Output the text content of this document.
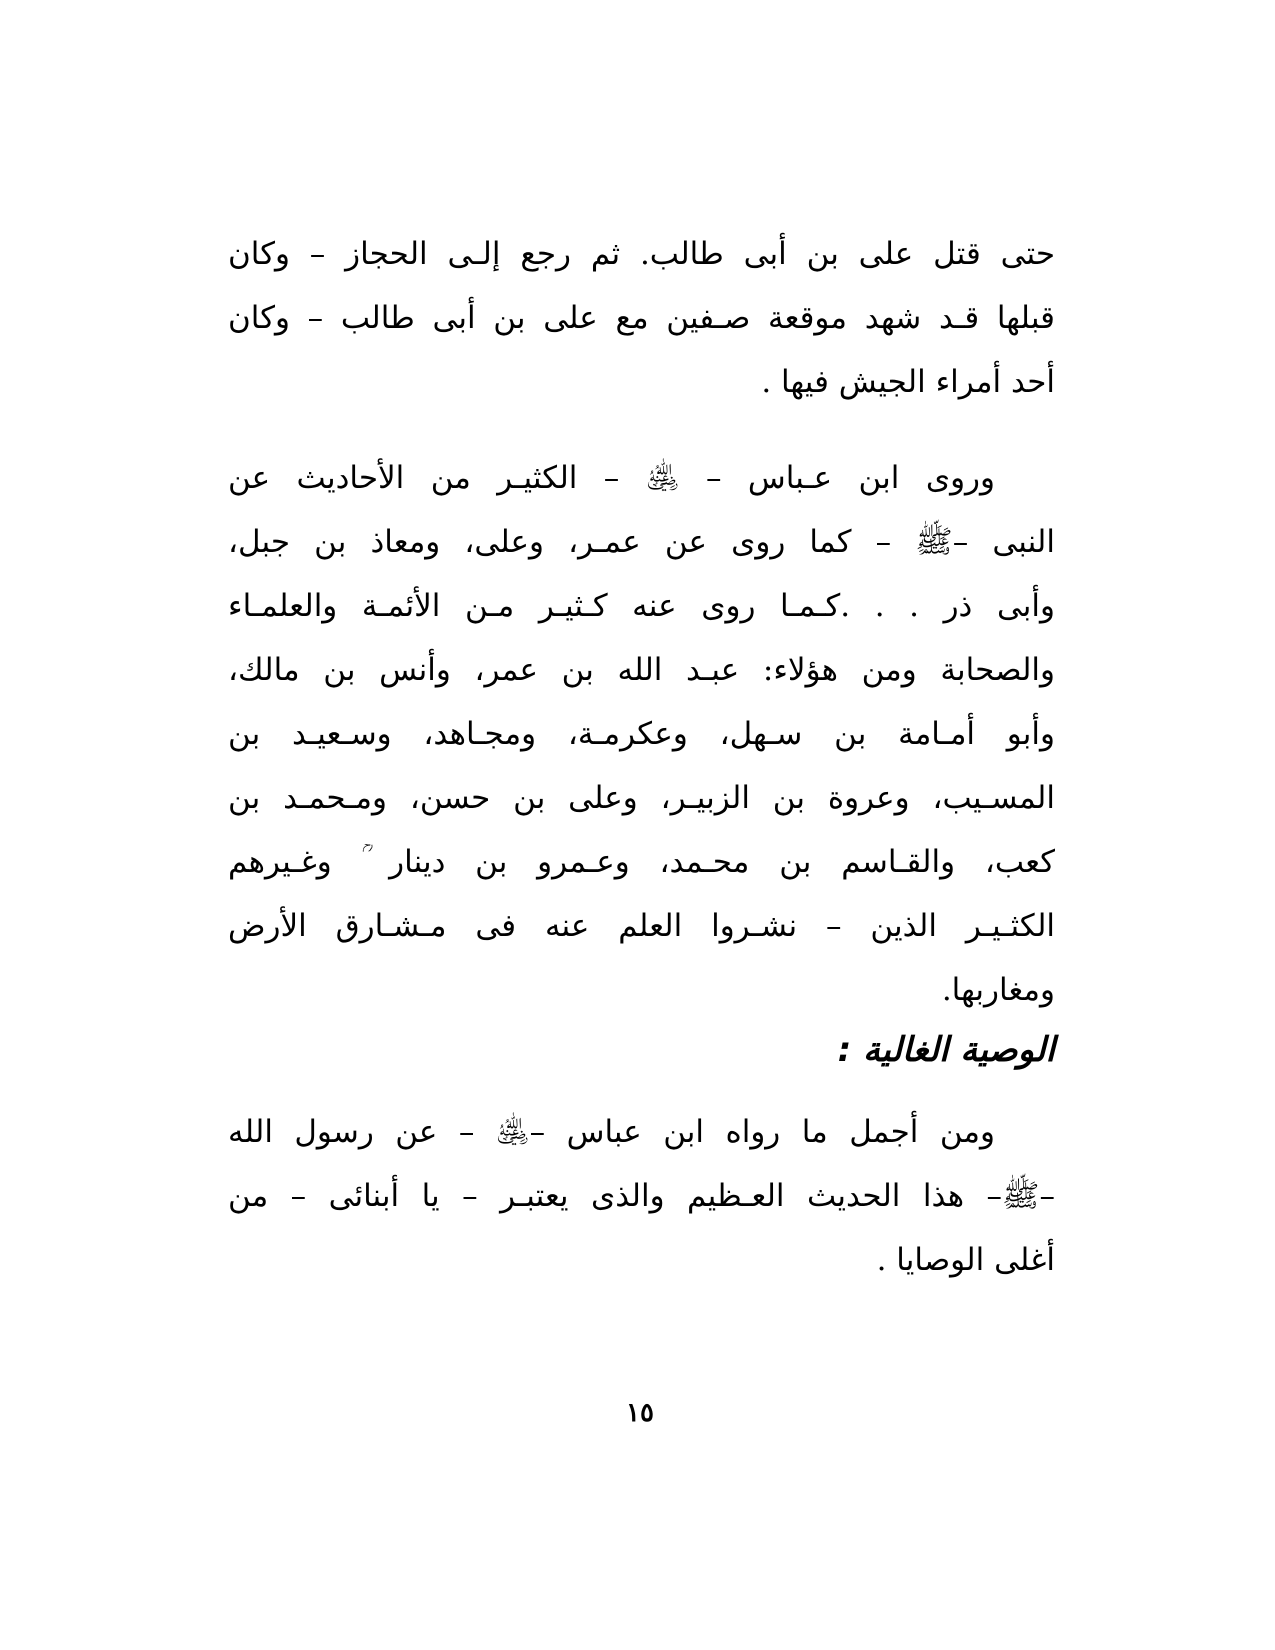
حتى قتل على بن أبى طالب. ثم رجع إلـى الحجاز – وكان
قبلها قـد شهد موقعة صـفين مع على بن أبى طالب – وكان
أحد أمراء الجيش فيها .
وروى ابن عـباس – ﵁ – الكثيـر من الأحاديث عن
النبى –ﷺ – كما روى عن عمـر، وعلى، ومعاذ بن جبل،
وأبى ذر . . .كـمـا روى عنه كـثيـر مـن الأئمـة والعلمـاء
والصحابة ومن هؤلاء: عبـد الله بن عمر، وأنس بن مالك،
وأبو أمـامة بن سـهل، وعكرمـة، ومجـاهد، وسـعيـد بن
المسـيب، وعروة بن الزبيـر، وعلى بن حسن، ومـحمـد بن
كعب، والقـاسم بن محـمد، وعـمرو بن دينار ؒ وغـيرهم
الكثـيـر الذين – نشـروا العلم عنه فى مـشـارق الأرض
ومغاربها.
الوصية الغالية :
ومن أجمل ما رواه ابن عباس –﵁ – عن رسول الله
–ﷺ– هذا الحديث العـظيم والذى يعتبـر – يا أبنائى – من
أغلى الوصايا .
١٥
